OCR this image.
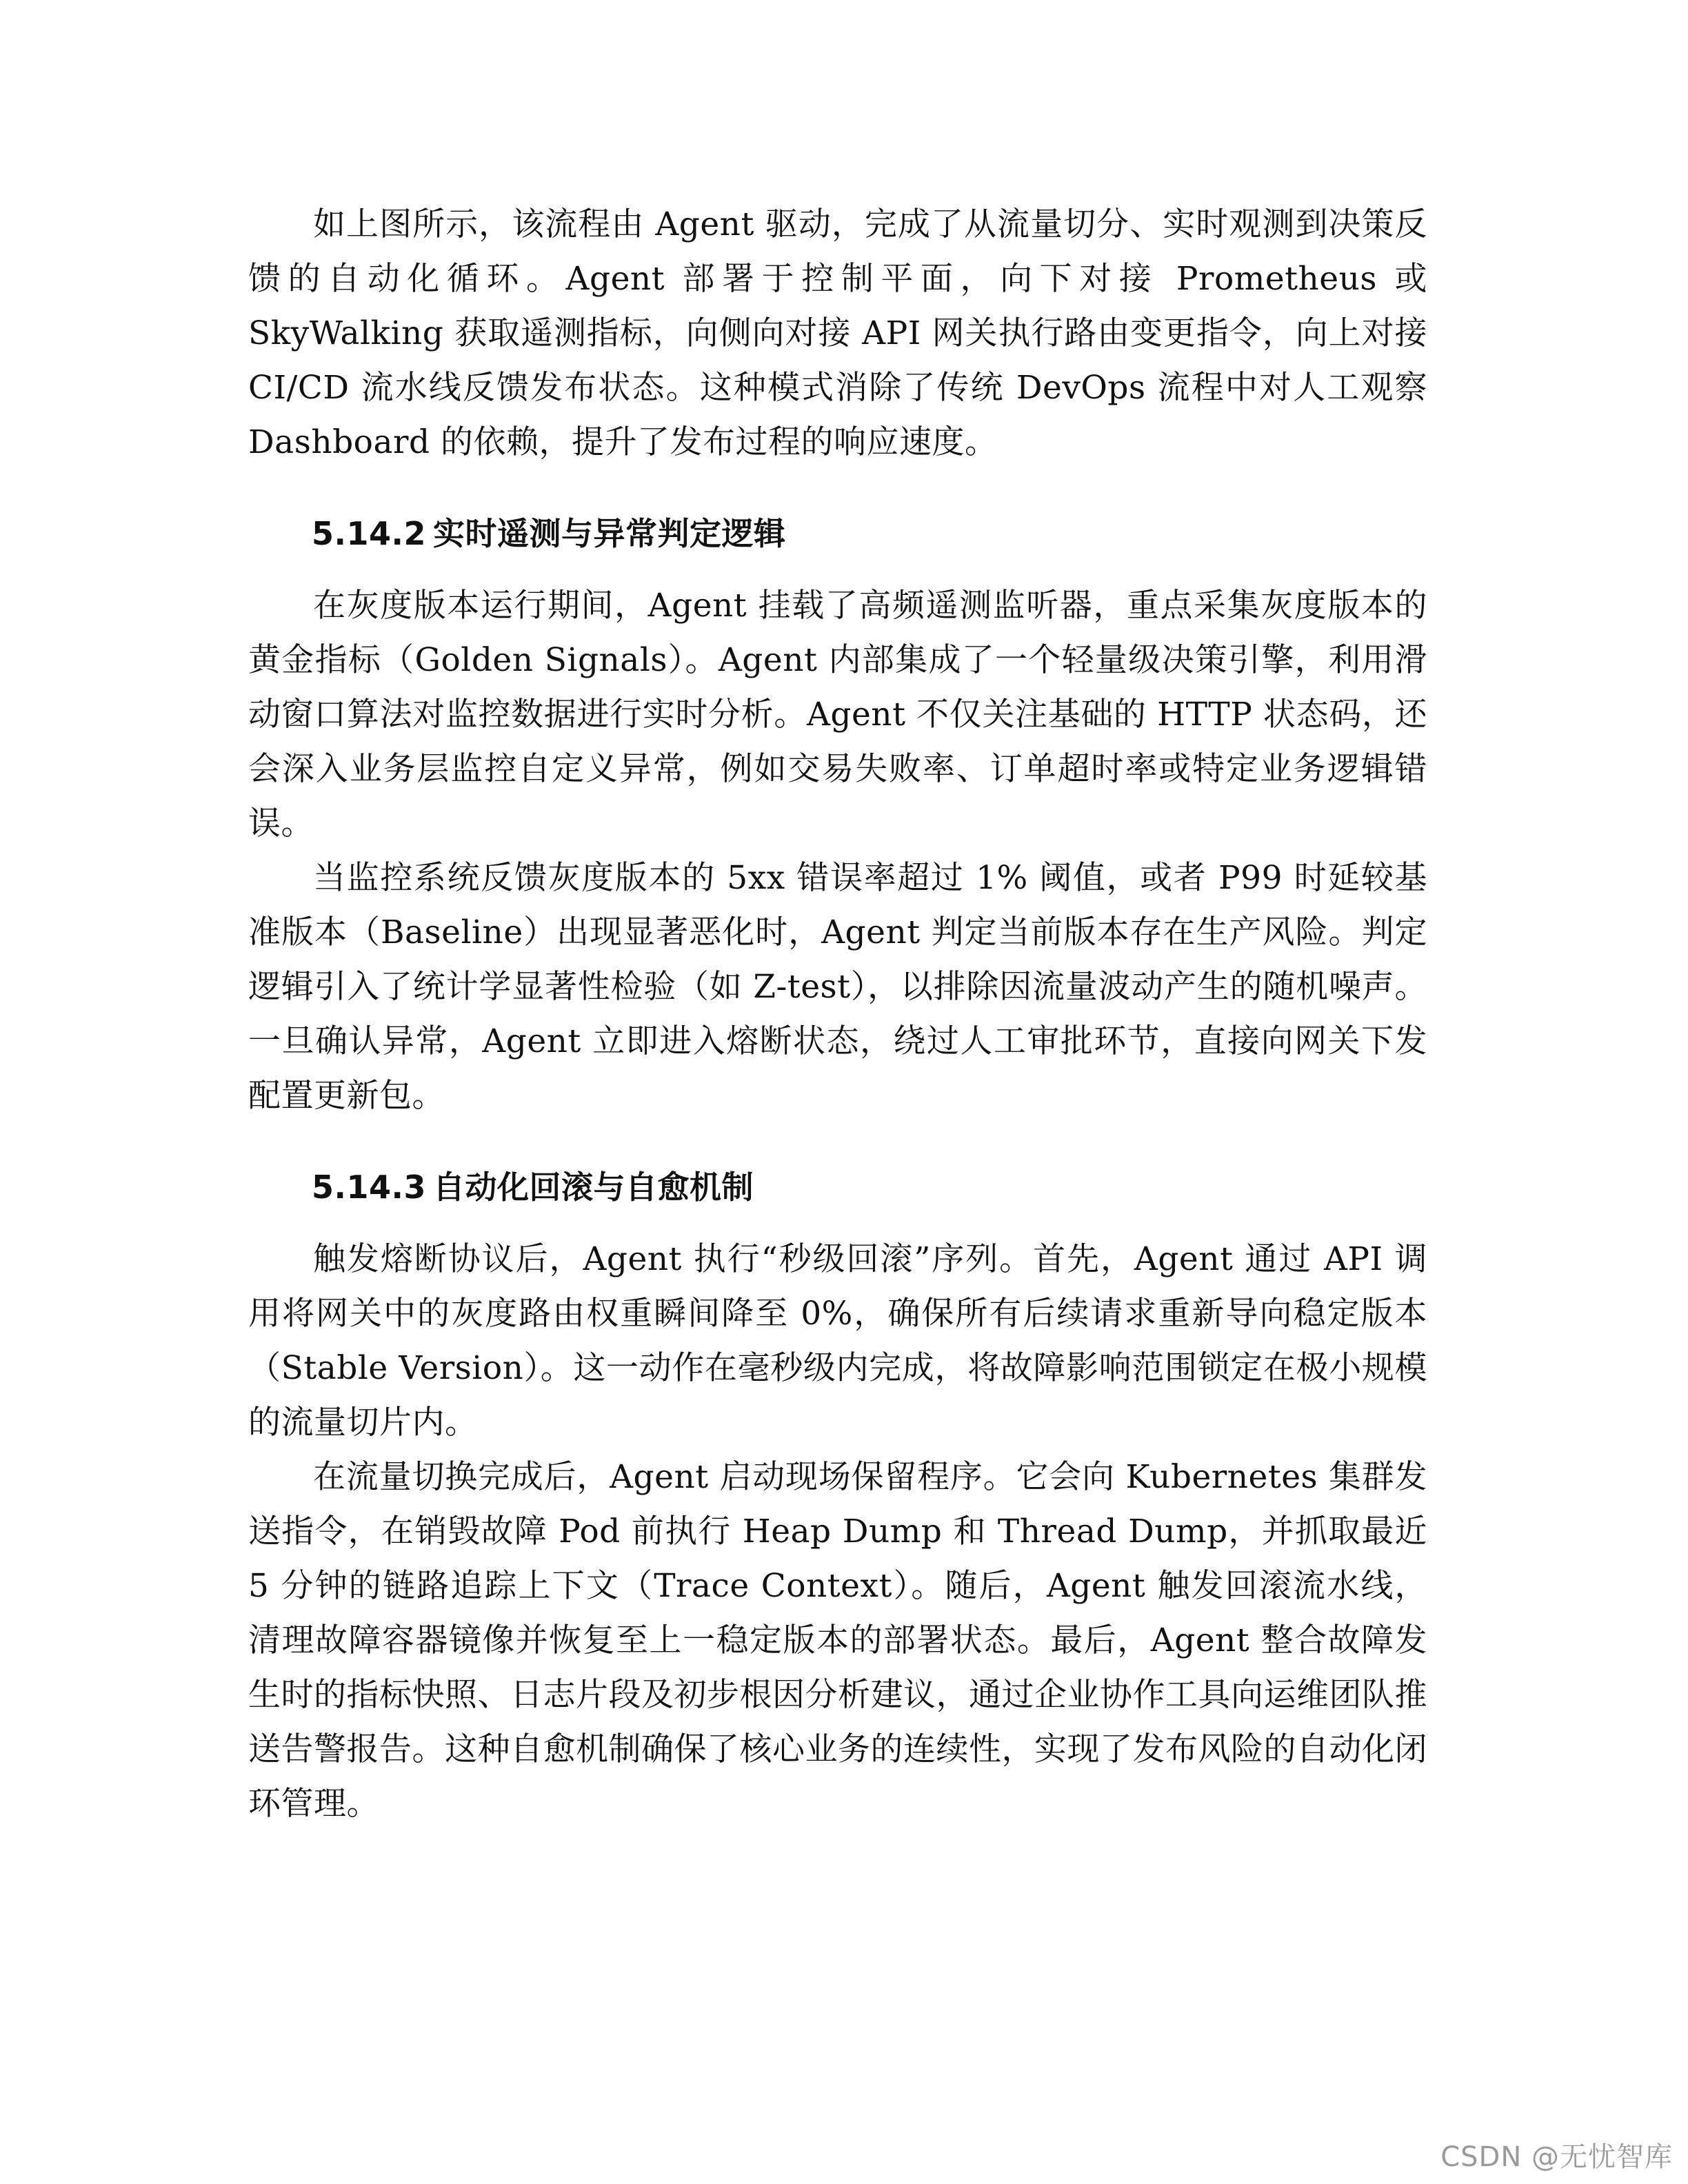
如上图所示，该流程由 Agent 驱动，完成了从流量切分、实时观测到决策反馈的自动化循环。Agent 部署于控制平面，向下对接 Prometheus 或 SkyWalking 获取遥测指标，向侧向对接 API 网关执行路由变更指令，向上对接 CI/CD 流水线反馈发布状态。这种模式消除了传统 DevOps 流程中对人工观察 Dashboard 的依赖，提升了发布过程的响应速度。

5.14.2 实时遥测与异常判定逻辑

在灰度版本运行期间，Agent 挂载了高频遥测监听器，重点采集灰度版本的黄金指标（Golden Signals）。Agent 内部集成了一个轻量级决策引擎，利用滑动窗口算法对监控数据进行实时分析。Agent 不仅关注基础的 HTTP 状态码，还会深入业务层监控自定义异常，例如交易失败率、订单超时率或特定业务逻辑错误。

当监控系统反馈灰度版本的 5xx 错误率超过 1% 阈值，或者 P99 时延较基准版本（Baseline）出现显著恶化时，Agent 判定当前版本存在生产风险。判定逻辑引入了统计学显著性检验（如 Z-test），以排除因流量波动产生的随机噪声。一旦确认异常，Agent 立即进入熔断状态，绕过人工审批环节，直接向网关下发配置更新包。

5.14.3 自动化回滚与自愈机制

触发熔断协议后，Agent 执行“秒级回滚”序列。首先，Agent 通过 API 调用将网关中的灰度路由权重瞬间降至 0%，确保所有后续请求重新导向稳定版本（Stable Version）。这一动作在毫秒级内完成，将故障影响范围锁定在极小规模的流量切片内。

在流量切换完成后，Agent 启动现场保留程序。它会向 Kubernetes 集群发送指令，在销毁故障 Pod 前执行 Heap Dump 和 Thread Dump，并抓取最近 5 分钟的链路追踪上下文（Trace Context）。随后，Agent 触发回滚流水线，清理故障容器镜像并恢复至上一稳定版本的部署状态。最后，Agent 整合故障发生时的指标快照、日志片段及初步根因分析建议，通过企业协作工具向运维团队推送告警报告。这种自愈机制确保了核心业务的连续性，实现了发布风险的自动化闭环管理。

CSDN @无忧智库
